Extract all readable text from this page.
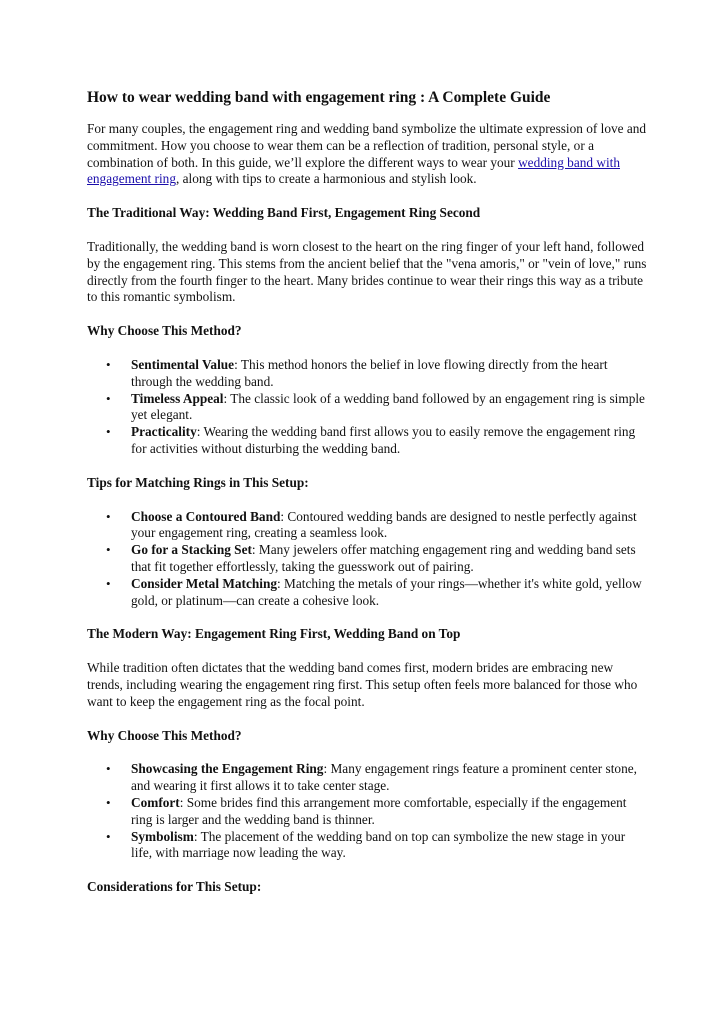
How to wear wedding band with engagement ring : A Complete Guide

For many couples, the engagement ring and wedding band symbolize the ultimate expression of love and commitment. How you choose to wear them can be a reflection of tradition, personal style, or a combination of both. In this guide, we’ll explore the different ways to wear your wedding band with engagement ring, along with tips to create a harmonious and stylish look.

The Traditional Way: Wedding Band First, Engagement Ring Second

Traditionally, the wedding band is worn closest to the heart on the ring finger of your left hand, followed by the engagement ring. This stems from the ancient belief that the "vena amoris," or "vein of love," runs directly from the fourth finger to the heart. Many brides continue to wear their rings this way as a tribute to this romantic symbolism.

Why Choose This Method?
• Sentimental Value: This method honors the belief in love flowing directly from the heart through the wedding band.
• Timeless Appeal: The classic look of a wedding band followed by an engagement ring is simple yet elegant.
• Practicality: Wearing the wedding band first allows you to easily remove the engagement ring for activities without disturbing the wedding band.
Tips for Matching Rings in This Setup:
• Choose a Contoured Band: Contoured wedding bands are designed to nestle perfectly against your engagement ring, creating a seamless look.
• Go for a Stacking Set: Many jewelers offer matching engagement ring and wedding band sets that fit together effortlessly, taking the guesswork out of pairing.
• Consider Metal Matching: Matching the metals of your rings—whether it's white gold, yellow gold, or platinum—can create a cohesive look.
The Modern Way: Engagement Ring First, Wedding Band on Top

While tradition often dictates that the wedding band comes first, modern brides are embracing new trends, including wearing the engagement ring first. This setup often feels more balanced for those who want to keep the engagement ring as the focal point.

Why Choose This Method?
• Showcasing the Engagement Ring: Many engagement rings feature a prominent center stone, and wearing it first allows it to take center stage.
• Comfort: Some brides find this arrangement more comfortable, especially if the engagement ring is larger and the wedding band is thinner.
• Symbolism: The placement of the wedding band on top can symbolize the new stage in your life, with marriage now leading the way.
Considerations for This Setup:
